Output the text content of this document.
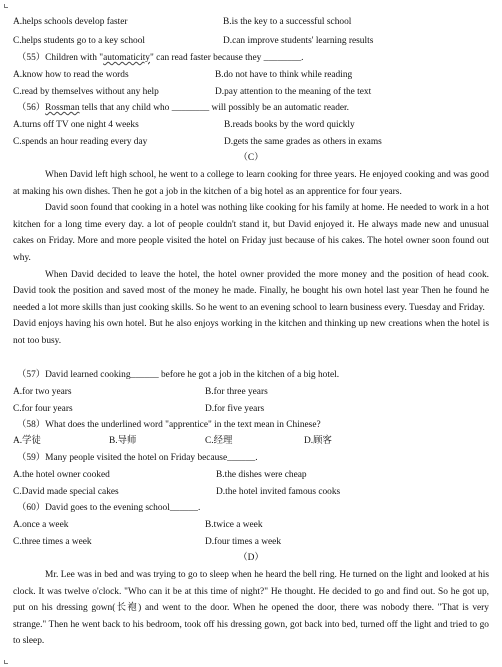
A.helps schools develop faster	B.is the key to a successful school
C.helps students go to a key school	D.can improve students' learning results
（55）Children with "automaticity" can read faster because they ________.
A.know how to read the words	B.do not have to think while reading
C.read by themselves without any help	D.pay attention to the meaning of the text
（56）Rossman tells that any child who ________ will possibly be an automatic reader.
A.turns off TV one night 4 weeks	B.reads books by the word quickly
C.spends an hour reading every day	D.gets the same grades as others in exams
（C）

When David left high school, he went to a college to learn cooking for three years. He enjoyed cooking and was good at making his own dishes. Then he got a job in the kitchen of a big hotel as an apprentice for four years.

David soon found that cooking in a hotel was nothing like cooking for his family at home. He needed to work in a hot kitchen for a long time every day. a lot of people couldn't stand it, but David enjoyed it. He always made new and unusual cakes on Friday. More and more people visited the hotel on Friday just because of his cakes. The hotel owner soon found out why.

When David decided to leave the hotel, the hotel owner provided the more money and the position of head cook. David took the position and saved most of the money he made. Finally, he bought his own hotel last year Then he found he needed a lot more skills than just cooking skills. So he went to an evening school to learn business every. Tuesday and Friday.

David enjoys having his own hotel. But he also enjoys working in the kitchen and thinking up new creations when the hotel is not too busy.

（57）David learned cooking______ before he got a job in the kitchen of a big hotel.
A.for two years	B.for three years
C.for four years	D.for five years
（58）What does the underlined word "apprentice" in the text mean in Chinese?
A.学徒	B.导师	C.经理	D.顾客
（59）Many people visited the hotel on Friday because______.
A.the hotel owner cooked	B.the dishes were cheap
C.David made special cakes	D.the hotel invited famous cooks
（60）David goes to the evening school______.
A.once a week	B.twice a week
C.three times a week	D.four times a week
（D）

Mr. Lee was in bed and was trying to go to sleep when he heard the bell ring. He turned on the light and looked at his clock. It was twelve o'clock. "Who can it be at this time of night?" He thought. He decided to go and find out. So he got up, put on his dressing gown(长袍) and went to the door. When he opened the door, there was nobody there. "That is very strange." Then he went back to his bedroom, took off his dressing gown, got back into bed, turned off the light and tried to go to sleep.
